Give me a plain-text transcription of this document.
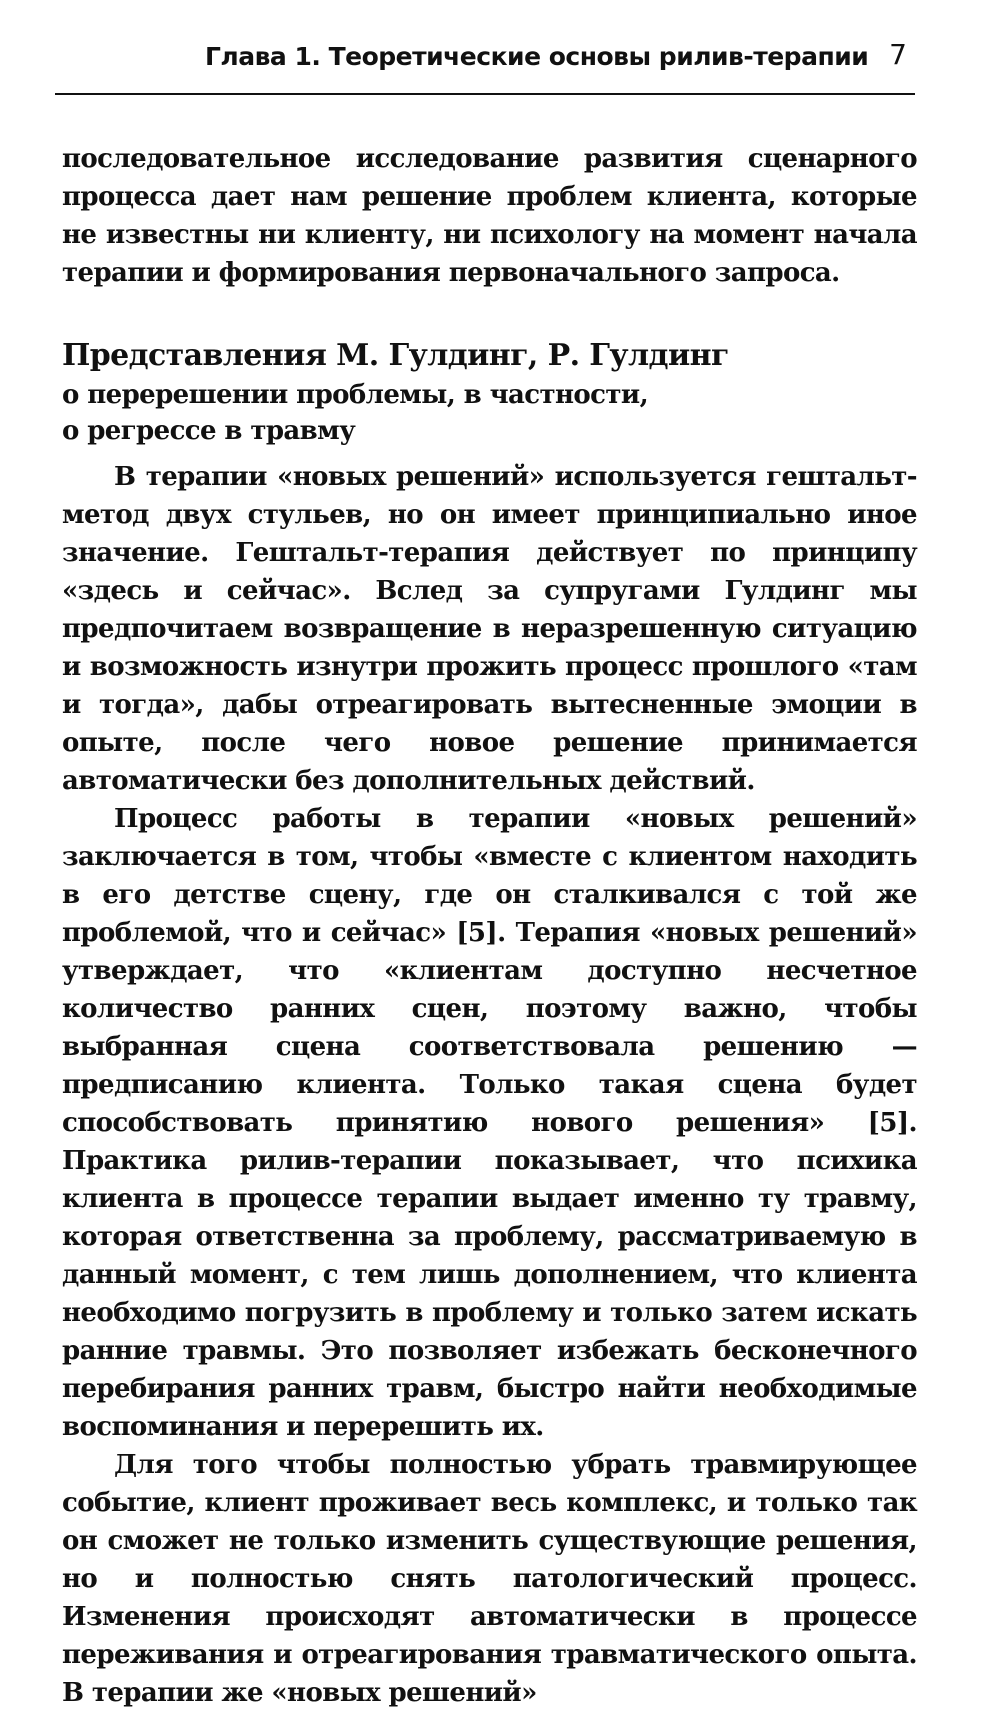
Глава 1. Теоретические основы рилив-терапии 7

последовательное исследование развития сценарного процесса дает нам решение проблем клиента, которые не известны ни клиенту, ни психологу на момент начала терапии и формирования первоначального запроса.

Представления М. Гулдинг, Р. Гулдинг
о перерешении проблемы, в частности,
о регрессе в травму

В терапии «новых решений» используется гештальт-метод двух стульев, но он имеет принципиально иное значение. Гештальт-терапия действует по принципу «здесь и сейчас». Вслед за супругами Гулдинг мы предпочитаем возвращение в неразрешенную ситуацию и возможность изнутри прожить процесс прошлого «там и тогда», дабы отреагировать вытесненные эмоции в опыте, после чего новое решение принимается автоматически без дополнительных действий.

Процесс работы в терапии «новых решений» заключается в том, чтобы «вместе с клиентом находить в его детстве сцену, где он сталкивался с той же проблемой, что и сейчас» [5]. Терапия «новых решений» утверждает, что «клиентам доступно несчетное количество ранних сцен, поэтому важно, чтобы выбранная сцена соответствовала решению — предписанию клиента. Только такая сцена будет способствовать принятию нового решения» [5]. Практика рилив-терапии показывает, что психика клиента в процессе терапии выдает именно ту травму, которая ответственна за проблему, рассматриваемую в данный момент, с тем лишь дополнением, что клиента необходимо погрузить в проблему и только затем искать ранние травмы. Это позволяет избежать бесконечного перебирания ранних травм, быстро найти необходимые воспоминания и перерешить их.

Для того чтобы полностью убрать травмирующее событие, клиент проживает весь комплекс, и только так он сможет не только изменить существующие решения, но и полностью снять патологический процесс. Изменения происходят автоматически в процессе переживания и отреагирования травматического опыта. В терапии же «новых решений»
